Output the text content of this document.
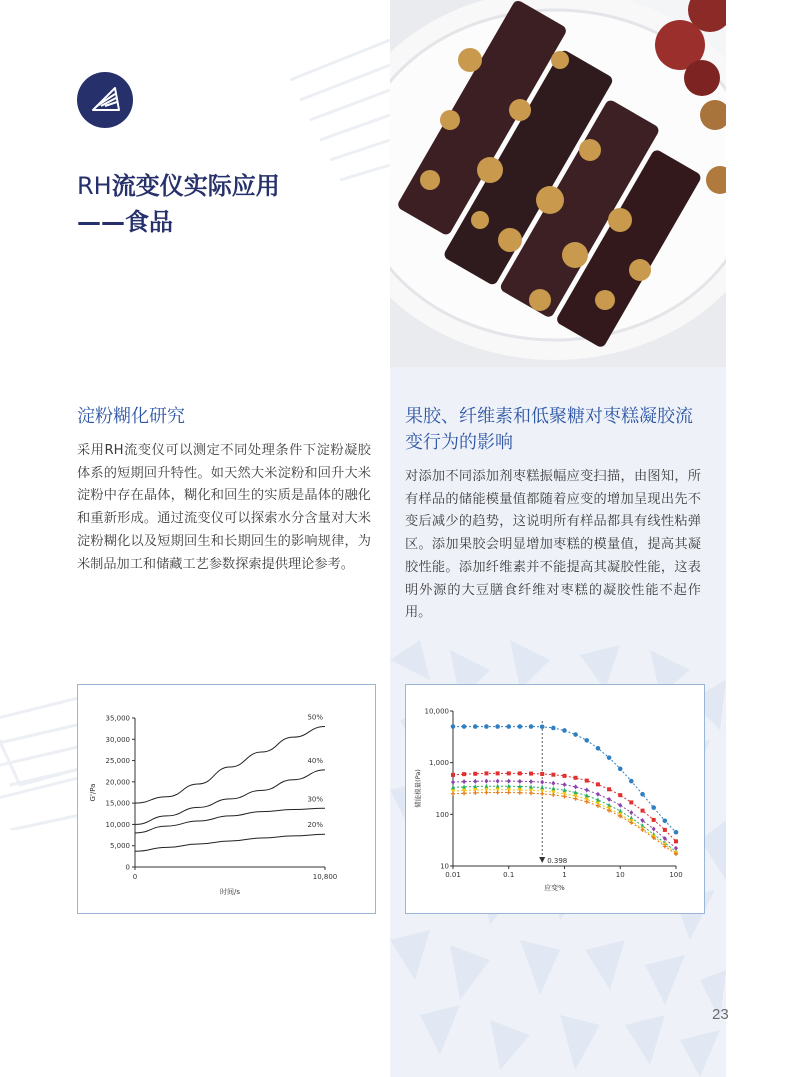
RH流变仪实际应用
——食品
淀粉糊化研究
采用RH流变仪可以测定不同处理条件下淀粉凝胶体系的短期回升特性。如天然大米淀粉和回升大米淀粉中存在晶体，糊化和回生的实质是晶体的融化和重新形成。通过流变仪可以探索水分含量对大米淀粉糊化以及短期回生和长期回生的影响规律，为米制品加工和储藏工艺参数探索提供理论参考。
果胶、纤维素和低聚糖对枣糕凝胶流变行为的影响
对添加不同添加剂枣糕振幅应变扫描，由图知，所有样品的储能模量值都随着应变的增加呈现出先不变后减少的趋势，这说明所有样品都具有线性粘弹区。添加果胶会明显增加枣糕的模量值，提高其凝胶性能。添加纤维素并不能提高其凝胶性能，这表明外源的大豆膳食纤维对枣糕的凝胶性能不起作用。
0
5,000
10,000
15,000
20,000
25,000
30,000
35,000
0	10,800
时间/s
G'/Pa
50%
40%
30%
20%
10
100
1,000
10,000
0.01	0.1	1	10	100
应变%
储能模量(Pa)
0.398
23
